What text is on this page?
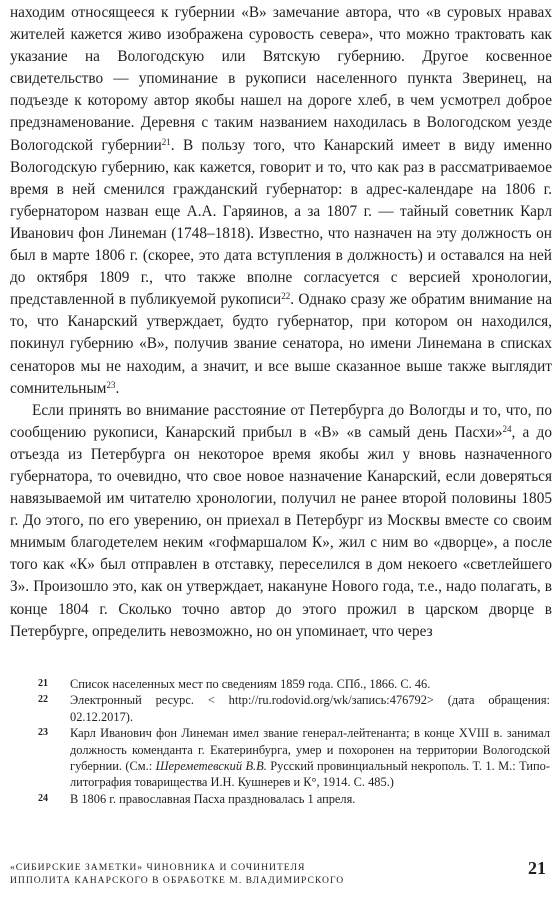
находим относящееся к губернии «В» замечание автора, что «в суровых нравах жителей кажется живо изображена суровость севера», что можно трактовать как указание на Вологодскую или Вятскую губернию. Другое косвенное свидетельство — упоминание в рукописи населенного пункта Зверинец, на подъезде к которому автор якобы нашел на дороге хлеб, в чем усмотрел доброе предзнаменование. Деревня с таким названием находилась в Вологодском уезде Вологодской губернии$^{21}$. В пользу того, что Канарский имеет в виду именно Вологодскую губернию, как кажется, говорит и то, что как раз в рассматриваемое время в ней сменился гражданский губернатор: в адрес-календаре на 1806 г. губернатором назван еще А.А. Гаряинов, а за 1807 г. — тайный советник Карл Иванович фон Линеман (1748–1818). Известно, что назначен на эту должность он был в марте 1806 г. (скорее, это дата вступления в должность) и оставался на ней до октября 1809 г., что также вполне согласуется с версией хронологии, представленной в публикуемой рукописи$^{22}$. Однако сразу же обратим внимание на то, что Канарский утверждает, будто губернатор, при котором он находился, покинул губернию «В», получив звание сенатора, но имени Линемана в списках сенаторов мы не находим, а значит, и все выше сказанное выше также выглядит сомнительным$^{23}$.

Если принять во внимание расстояние от Петербурга до Вологды и то, что, по сообщению рукописи, Канарский прибыл в «В» «в самый день Пасхи»$^{24}$, а до отъезда из Петербурга он некоторое время якобы жил у вновь назначенного губернатора, то очевидно, что свое новое назначение Канарский, если доверяться навязываемой им читателю хронологии, получил не ранее второй половины 1805 г. До этого, по его уверению, он приехал в Петербург из Москвы вместе со своим мнимым благодетелем неким «гофмаршалом К», жил с ним во «дворце», а после того как «К» был отправлен в отставку, переселился в дом некоего «светлейшего З». Произошло это, как он утверждает, накануне Нового года, т.е., надо полагать, в конце 1804 г. Сколько точно автор до этого прожил в царском дворце в Петербурге, определить невозможно, но он упоминает, что через

21 Список населенных мест по сведениям 1859 года. СПб., 1866. С. 46.

22 Электронный ресурс. < http://ru.rodovid.org/wk/запись:476792> (дата обращения: 02.12.2017).

23 Карл Иванович фон Линеман имел звание генерал-лейтенанта; в конце XVIII в. занимал должность коменданта г. Екатеринбурга, умер и похоронен на территории Вологодской губернии. (См.: Шереметевский В.В. Русский провинциальный некрополь. Т. 1. М.: Типо-литография товарищества И.Н. Кушнерев и К°, 1914. С. 485.)

24 В 1806 г. православная Пасха праздновалась 1 апреля.

«СИБИРСКИЕ ЗАМЕТКИ» ЧИНОВНИКА И СОЧИНИТЕЛЯ
ИППОЛИТА КАНАРСКОГО В ОБРАБОТКЕ М. ВЛАДИМИРСКОГО
21
